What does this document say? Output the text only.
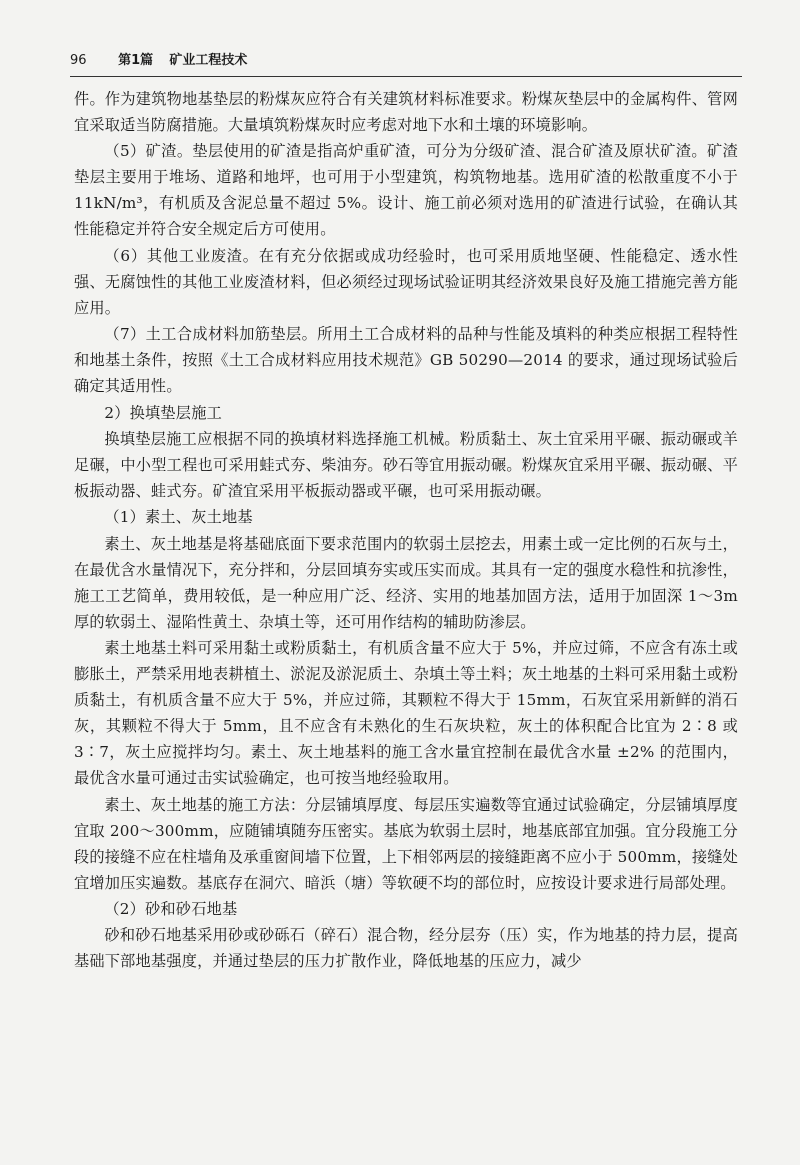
96 第1篇 矿业工程技术

件。作为建筑物地基垫层的粉煤灰应符合有关建筑材料标准要求。粉煤灰垫层中的金属构件、管网宜采取适当防腐措施。大量填筑粉煤灰时应考虑对地下水和土壤的环境影响。

（5）矿渣。垫层使用的矿渣是指高炉重矿渣，可分为分级矿渣、混合矿渣及原状矿渣。矿渣垫层主要用于堆场、道路和地坪，也可用于小型建筑，构筑物地基。选用矿渣的松散重度不小于 11kN/m³，有机质及含泥总量不超过 5%。设计、施工前必须对选用的矿渣进行试验，在确认其性能稳定并符合安全规定后方可使用。

（6）其他工业废渣。在有充分依据或成功经验时，也可采用质地坚硬、性能稳定、透水性强、无腐蚀性的其他工业废渣材料，但必须经过现场试验证明其经济效果良好及施工措施完善方能应用。

（7）土工合成材料加筋垫层。所用土工合成材料的品种与性能及填料的种类应根据工程特性和地基土条件，按照《土工合成材料应用技术规范》GB 50290—2014 的要求，通过现场试验后确定其适用性。

2）换填垫层施工

换填垫层施工应根据不同的换填材料选择施工机械。粉质黏土、灰土宜采用平碾、振动碾或羊足碾，中小型工程也可采用蛙式夯、柴油夯。砂石等宜用振动碾。粉煤灰宜采用平碾、振动碾、平板振动器、蛙式夯。矿渣宜采用平板振动器或平碾，也可采用振动碾。

（1）素土、灰土地基

素土、灰土地基是将基础底面下要求范围内的软弱土层挖去，用素土或一定比例的石灰与土，在最优含水量情况下，充分拌和，分层回填夯实或压实而成。其具有一定的强度水稳性和抗渗性，施工工艺简单，费用较低，是一种应用广泛、经济、实用的地基加固方法，适用于加固深 1～3m 厚的软弱土、湿陷性黄土、杂填土等，还可用作结构的辅助防渗层。

素土地基土料可采用黏土或粉质黏土，有机质含量不应大于 5%，并应过筛，不应含有冻土或膨胀土，严禁采用地表耕植土、淤泥及淤泥质土、杂填土等土料；灰土地基的土料可采用黏土或粉质黏土，有机质含量不应大于 5%，并应过筛，其颗粒不得大于 15mm，石灰宜采用新鲜的消石灰，其颗粒不得大于 5mm，且不应含有未熟化的生石灰块粒，灰土的体积配合比宜为 2∶8 或 3∶7，灰土应搅拌均匀。素土、灰土地基料的施工含水量宜控制在最优含水量 ±2% 的范围内，最优含水量可通过击实试验确定，也可按当地经验取用。

素土、灰土地基的施工方法：分层铺填厚度、每层压实遍数等宜通过试验确定，分层铺填厚度宜取 200～300mm，应随铺填随夯压密实。基底为软弱土层时，地基底部宜加强。宜分段施工分段的接缝不应在柱墙角及承重窗间墙下位置，上下相邻两层的接缝距离不应小于 500mm，接缝处宜增加压实遍数。基底存在洞穴、暗浜（塘）等软硬不均的部位时，应按设计要求进行局部处理。

（2）砂和砂石地基

砂和砂石地基采用砂或砂砾石（碎石）混合物，经分层夯（压）实，作为地基的持力层，提高基础下部地基强度，并通过垫层的压力扩散作业，降低地基的压应力，减少
